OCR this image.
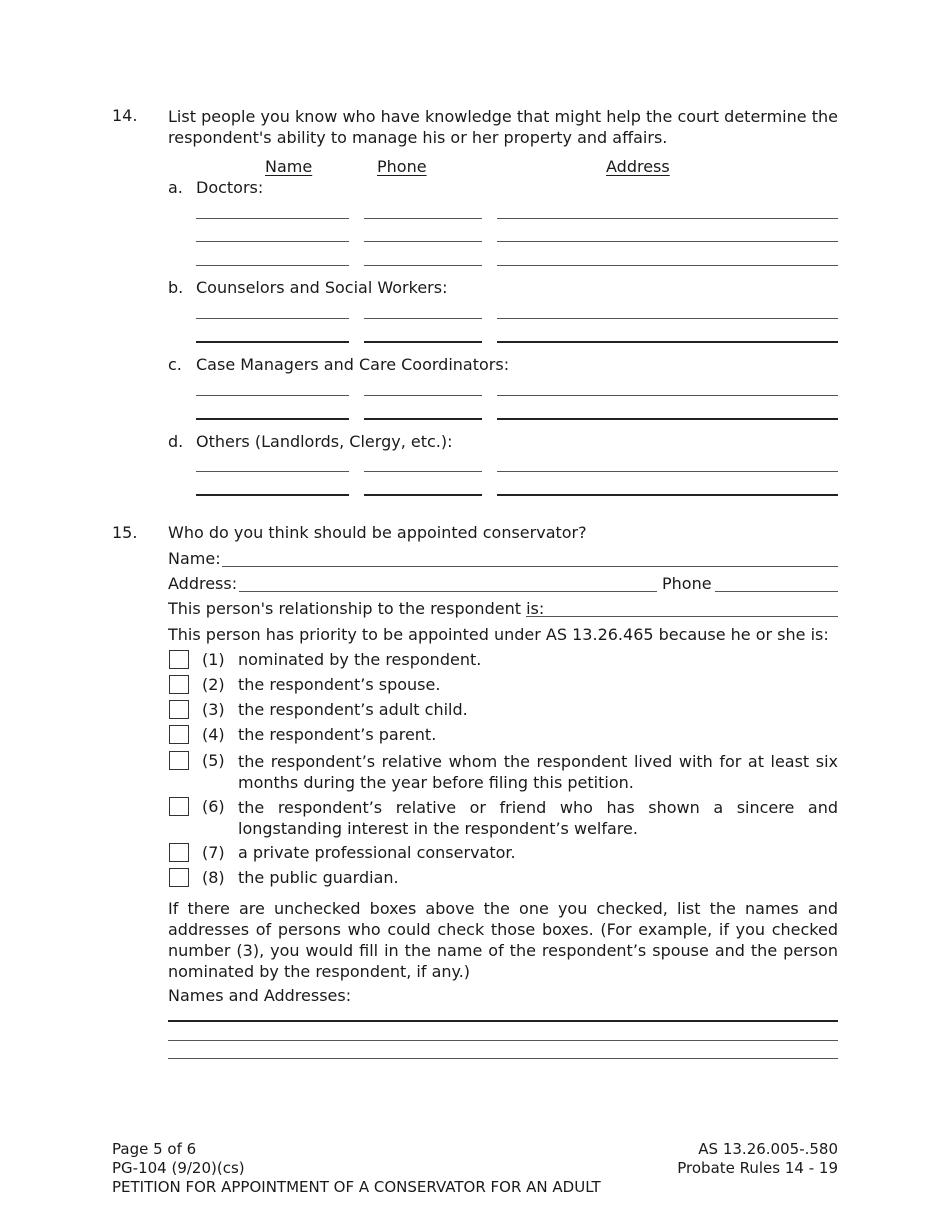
14. List people you know who have knowledge that might help the court determine the respondent's ability to manage his or her property and affairs.
Name	Phone	Address
a. Doctors:
b. Counselors and Social Workers:
c. Case Managers and Care Coordinators:
d. Others (Landlords, Clergy, etc.):
15. Who do you think should be appointed conservator?
Name:
Address:	Phone
This person's relationship to the respondent is:
This person has priority to be appointed under AS 13.26.465 because he or she is:
(1) nominated by the respondent.
(2) the respondent’s spouse.
(3) the respondent’s adult child.
(4) the respondent’s parent.
(5) the respondent’s relative whom the respondent lived with for at least six months during the year before filing this petition.
(6) the respondent’s relative or friend who has shown a sincere and longstanding interest in the respondent’s welfare.
(7) a private professional conservator.
(8) the public guardian.
If there are unchecked boxes above the one you checked, list the names and addresses of persons who could check those boxes. (For example, if you checked number (3), you would fill in the name of the respondent’s spouse and the person nominated by the respondent, if any.)
Names and Addresses:
Page 5 of 6
PG-104 (9/20)(cs)
PETITION FOR APPOINTMENT OF A CONSERVATOR FOR AN ADULT
AS 13.26.005-.580
Probate Rules 14 - 19
